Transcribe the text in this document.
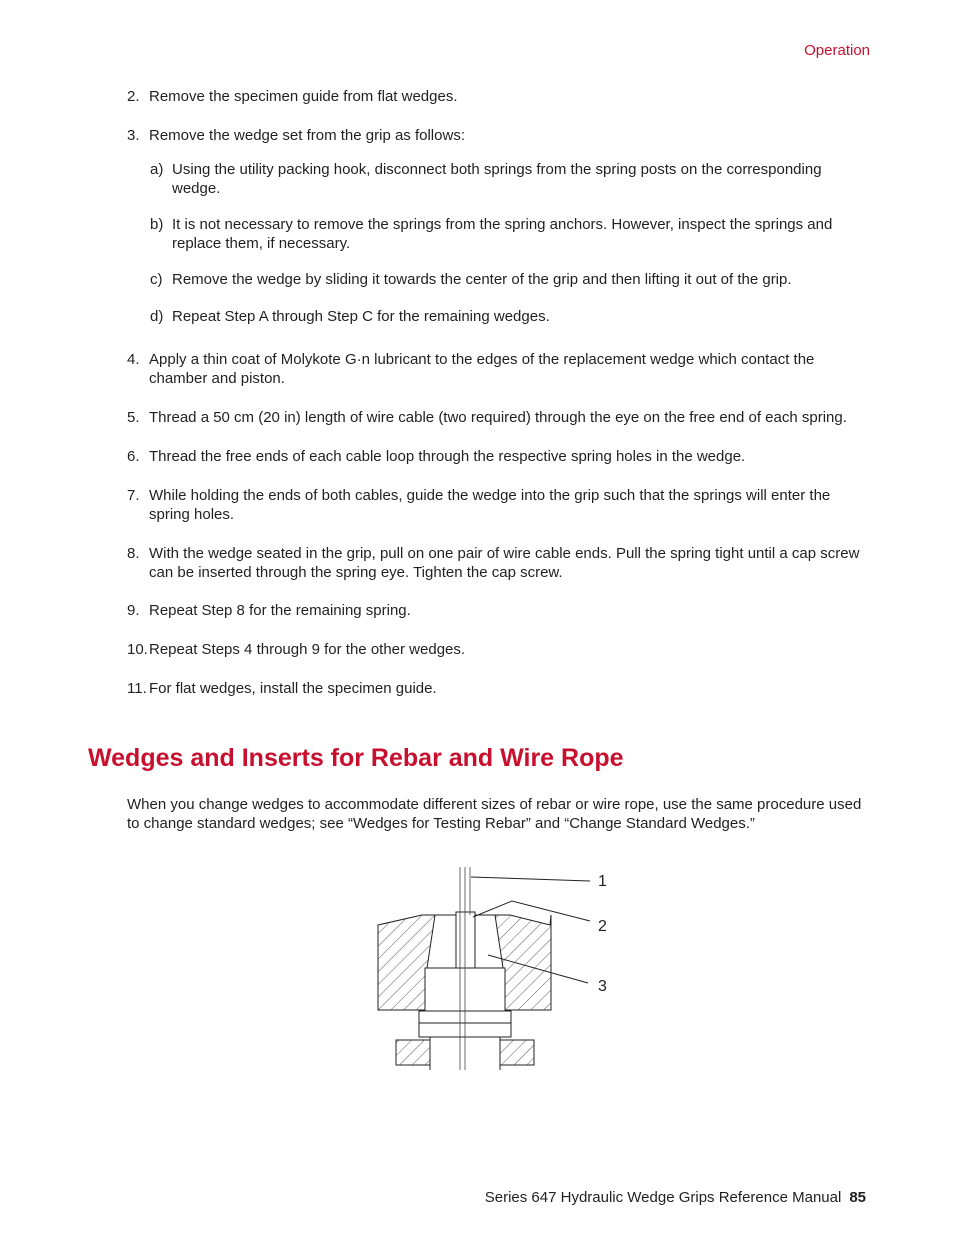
Operation
2. Remove the specimen guide from flat wedges.
3. Remove the wedge set from the grip as follows:
a) Using the utility packing hook, disconnect both springs from the spring posts on the corresponding wedge.
b) It is not necessary to remove the springs from the spring anchors. However, inspect the springs and replace them, if necessary.
c) Remove the wedge by sliding it towards the center of the grip and then lifting it out of the grip.
d) Repeat Step A through Step C for the remaining wedges.
4. Apply a thin coat of Molykote G·n lubricant to the edges of the replacement wedge which contact the chamber and piston.
5. Thread a 50 cm (20 in) length of wire cable (two required) through the eye on the free end of each spring.
6. Thread the free ends of each cable loop through the respective spring holes in the wedge.
7. While holding the ends of both cables, guide the wedge into the grip such that the springs will enter the spring holes.
8. With the wedge seated in the grip, pull on one pair of wire cable ends. Pull the spring tight until a cap screw can be inserted through the spring eye. Tighten the cap screw.
9. Repeat Step 8 for the remaining spring.
10. Repeat Steps 4 through 9 for the other wedges.
11. For flat wedges, install the specimen guide.
Wedges and Inserts for Rebar and Wire Rope
When you change wedges to accommodate different sizes of rebar or wire rope, use the same procedure used to change standard wedges; see “Wedges for Testing Rebar” and “Change Standard Wedges.”
1
2
3
Series 647 Hydraulic Wedge Grips Reference Manual 85
